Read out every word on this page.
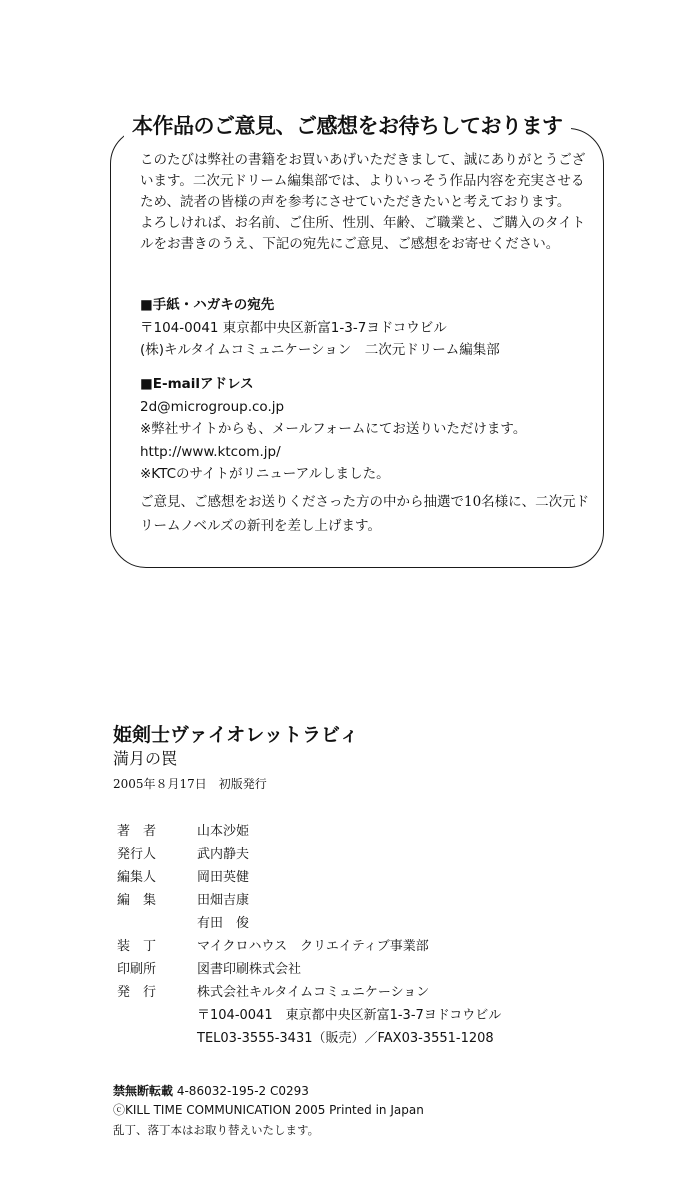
本作品のご意見、ご感想をお待ちしております

このたびは弊社の書籍をお買いあげいただきまして、誠にありがとうございます。二次元ドリーム編集部では、よりいっそう作品内容を充実させるため、読者の皆様の声を参考にさせていただきたいと考えております。

よろしければ、お名前、ご住所、性別、年齢、ご職業と、ご購入のタイトルをお書きのうえ、下記の宛先にご意見、ご感想をお寄せください。

■手紙・ハガキの宛先
〒104-0041 東京都中央区新富1-3-7ヨドコウビル
(株)キルタイムコミュニケーション　二次元ドリーム編集部
■E-mailアドレス
2d@microgroup.co.jp
※弊社サイトからも、メールフォームにてお送りいただけます。
http://www.ktcom.jp/
※KTCのサイトがリニューアルしました。

ご意見、ご感想をお送りくださった方の中から抽選で10名様に、二次元ドリームノベルズの新刊を差し上げます。

姫剣士ヴァイオレットラビィ
満月の罠
2005年８月17日　初版発行
著　者	山本沙姫
発行人	武内静夫
編集人	岡田英健
編　集	田畑吉康
有田　俊
装　丁	マイクロハウス　クリエイティブ事業部
印刷所	図書印刷株式会社
発　行	株式会社キルタイムコミュニケーション
〒104-0041　東京都中央区新富1-3-7ヨドコウビル
TEL03-3555-3431（販売）／FAX03-3551-1208
禁無断転載 4-86032-195-2 C0293
ⓒKILL TIME COMMUNICATION 2005 Printed in Japan
乱丁、落丁本はお取り替えいたします。
